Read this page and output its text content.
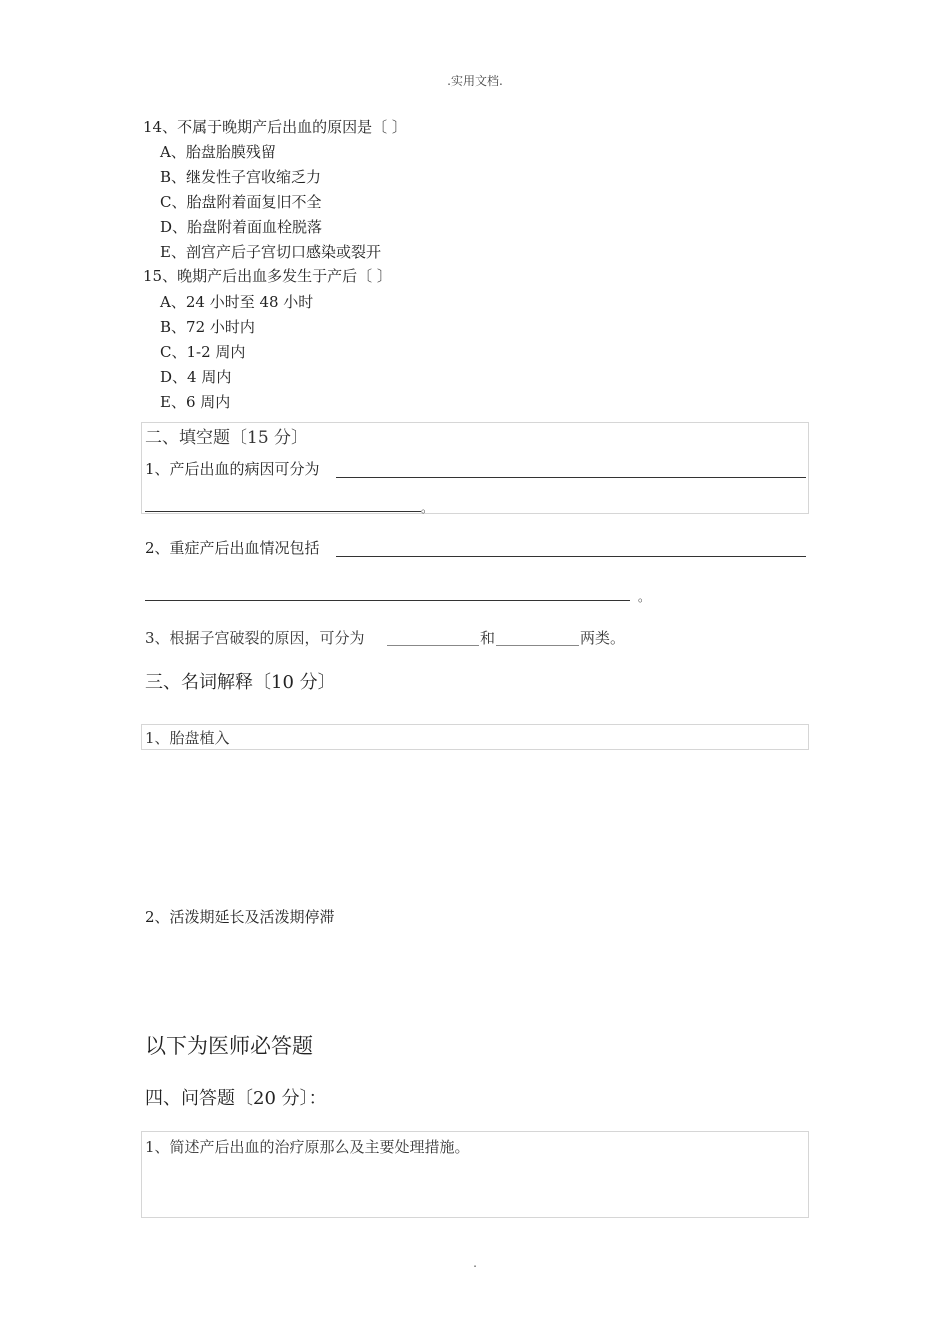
.实用文档.
14、不属于晚期产后出血的原因是〔 〕
A、胎盘胎膜残留
B、继发性子宫收缩乏力
C、胎盘附着面复旧不全
D、胎盘附着面血栓脱落
E、剖宫产后子宫切口感染或裂开
15、晚期产后出血多发生于产后〔 〕
A、24 小时至 48 小时
B、72 小时内
C、1-2 周内
D、4 周内
E、6 周内
二、填空题〔15 分〕
1、产后出血的病因可分为
。
2、重症产后出血情况包括
。
3、根据子宫破裂的原因，可分为	和	两类。
三、名词解释〔10 分〕
1、胎盘植入
2、活泼期延长及活泼期停滞
以下为医师必答题
四、问答题〔20 分〕：
1、简述产后出血的治疗原那么及主要处理措施。
.
